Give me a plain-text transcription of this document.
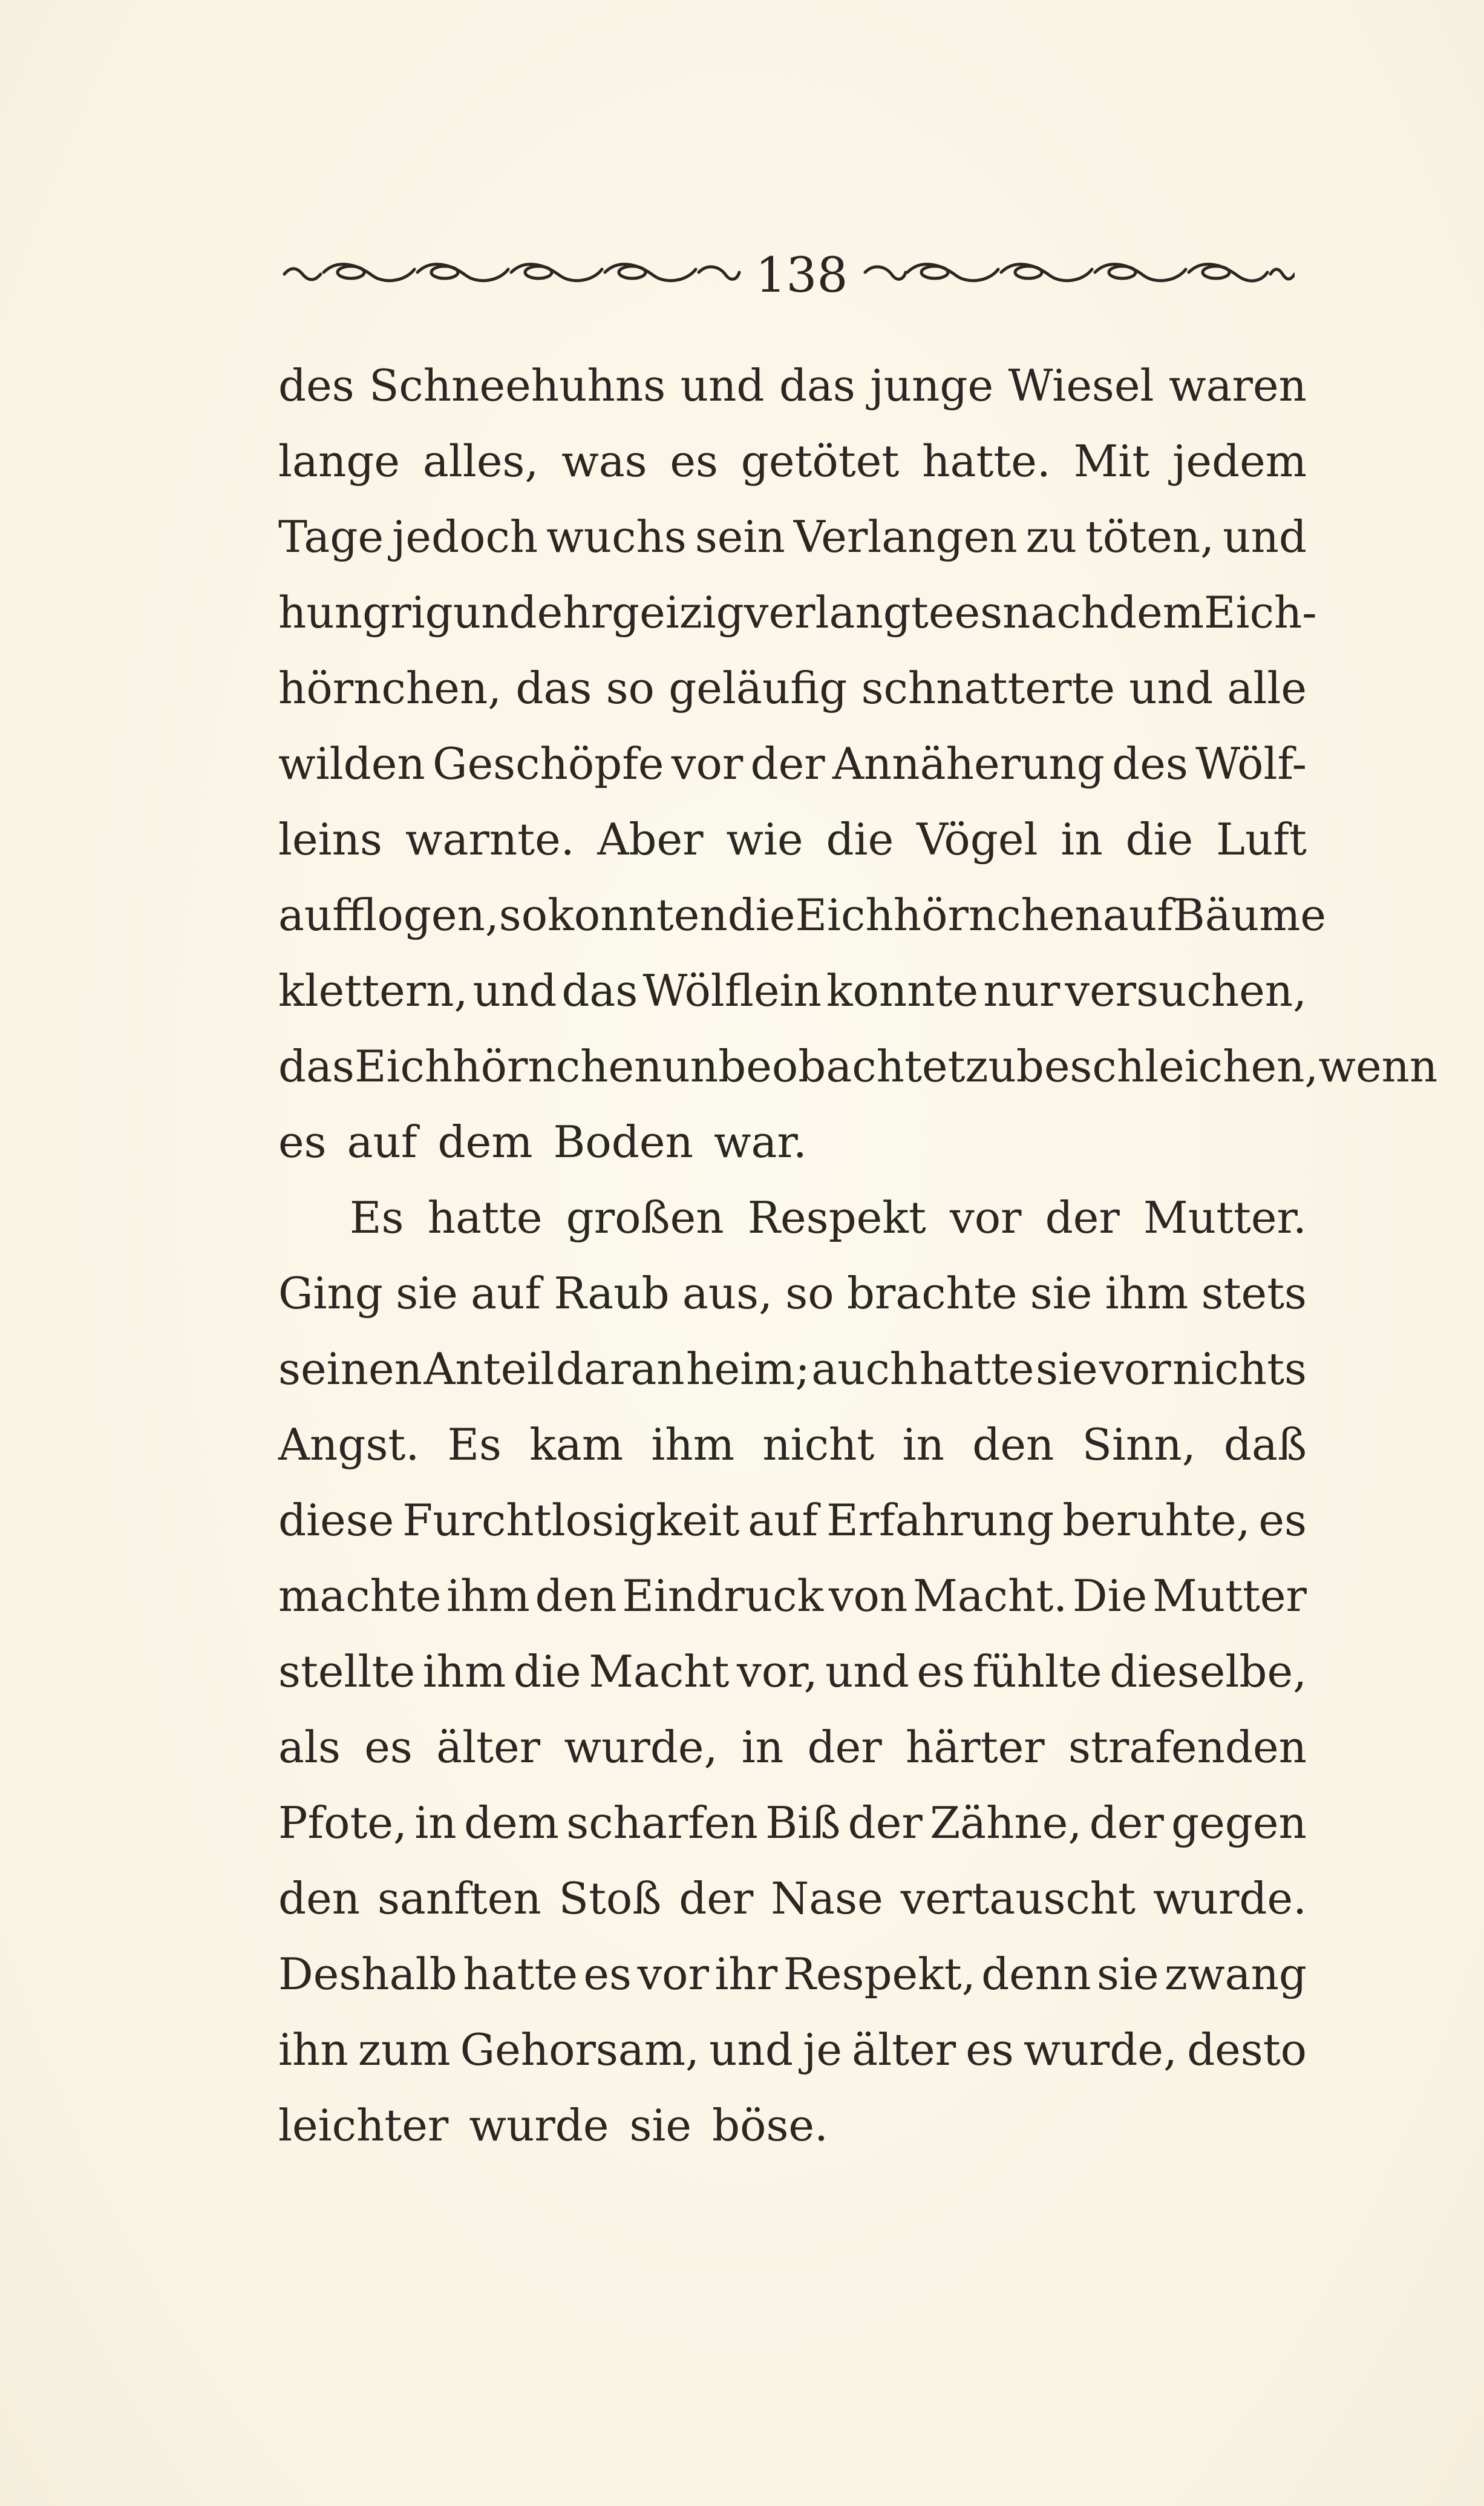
138
des Schneehuhns und das junge Wiesel waren
lange alles, was es getötet hatte. Mit jedem
Tage jedoch wuchs sein Verlangen zu töten, und
hungrig und ehrgeizig verlangte es nach dem Eich-
hörnchen, das so geläufig schnatterte und alle
wilden Geschöpfe vor der Annäherung des Wölf-
leins warnte. Aber wie die Vögel in die Luft
aufflogen, so konnten die Eichhörnchen auf Bäume
klettern, und das Wölflein konnte nur versuchen,
das Eichhörnchen unbeobachtet zu beschleichen, wenn
es auf dem Boden war.
Es hatte großen Respekt vor der Mutter.
Ging sie auf Raub aus, so brachte sie ihm stets
seinen Anteil daran heim; auch hatte sie vor nichts
Angst. Es kam ihm nicht in den Sinn, daß
diese Furchtlosigkeit auf Erfahrung beruhte, es
machte ihm den Eindruck von Macht. Die Mutter
stellte ihm die Macht vor, und es fühlte dieselbe,
als es älter wurde, in der härter strafenden
Pfote, in dem scharfen Biß der Zähne, der gegen
den sanften Stoß der Nase vertauscht wurde.
Deshalb hatte es vor ihr Respekt, denn sie zwang
ihn zum Gehorsam, und je älter es wurde, desto
leichter wurde sie böse.
